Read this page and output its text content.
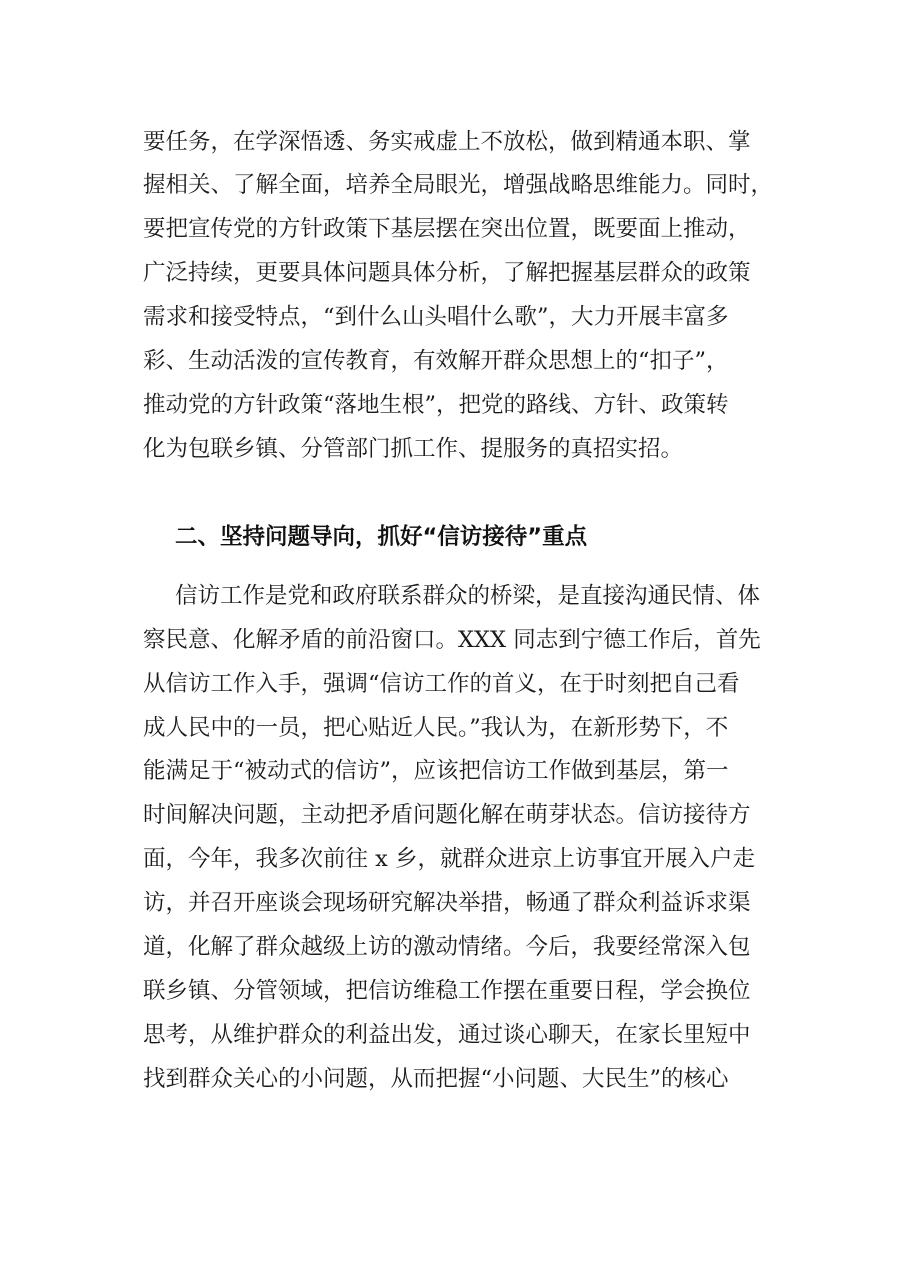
要任务，在学深悟透、务实戒虚上不放松，做到精通本职、掌
握相关、了解全面，培养全局眼光，增强战略思维能力。同时，
要把宣传党的方针政策下基层摆在突出位置，既要面上推动，
广泛持续，更要具体问题具体分析，了解把握基层群众的政策
需求和接受特点，“到什么山头唱什么歌”，大力开展丰富多
彩、生动活泼的宣传教育，有效解开群众思想上的“扣子”，
推动党的方针政策“落地生根”，把党的路线、方针、政策转
化为包联乡镇、分管部门抓工作、提服务的真招实招。
二、坚持问题导向，抓好“信访接待”重点
信访工作是党和政府联系群众的桥梁，是直接沟通民情、体
察民意、化解矛盾的前沿窗口。XXX 同志到宁德工作后，首先
从信访工作入手，强调“信访工作的首义，在于时刻把自己看
成人民中的一员，把心贴近人民。”我认为，在新形势下，不
能满足于“被动式的信访”，应该把信访工作做到基层，第一
时间解决问题，主动把矛盾问题化解在萌芽状态。信访接待方
面，今年，我多次前往 x 乡，就群众进京上访事宜开展入户走
访，并召开座谈会现场研究解决举措，畅通了群众利益诉求渠
道，化解了群众越级上访的激动情绪。今后，我要经常深入包
联乡镇、分管领域，把信访维稳工作摆在重要日程，学会换位
思考，从维护群众的利益出发，通过谈心聊天，在家长里短中
找到群众关心的小问题，从而把握“小问题、大民生”的核心
